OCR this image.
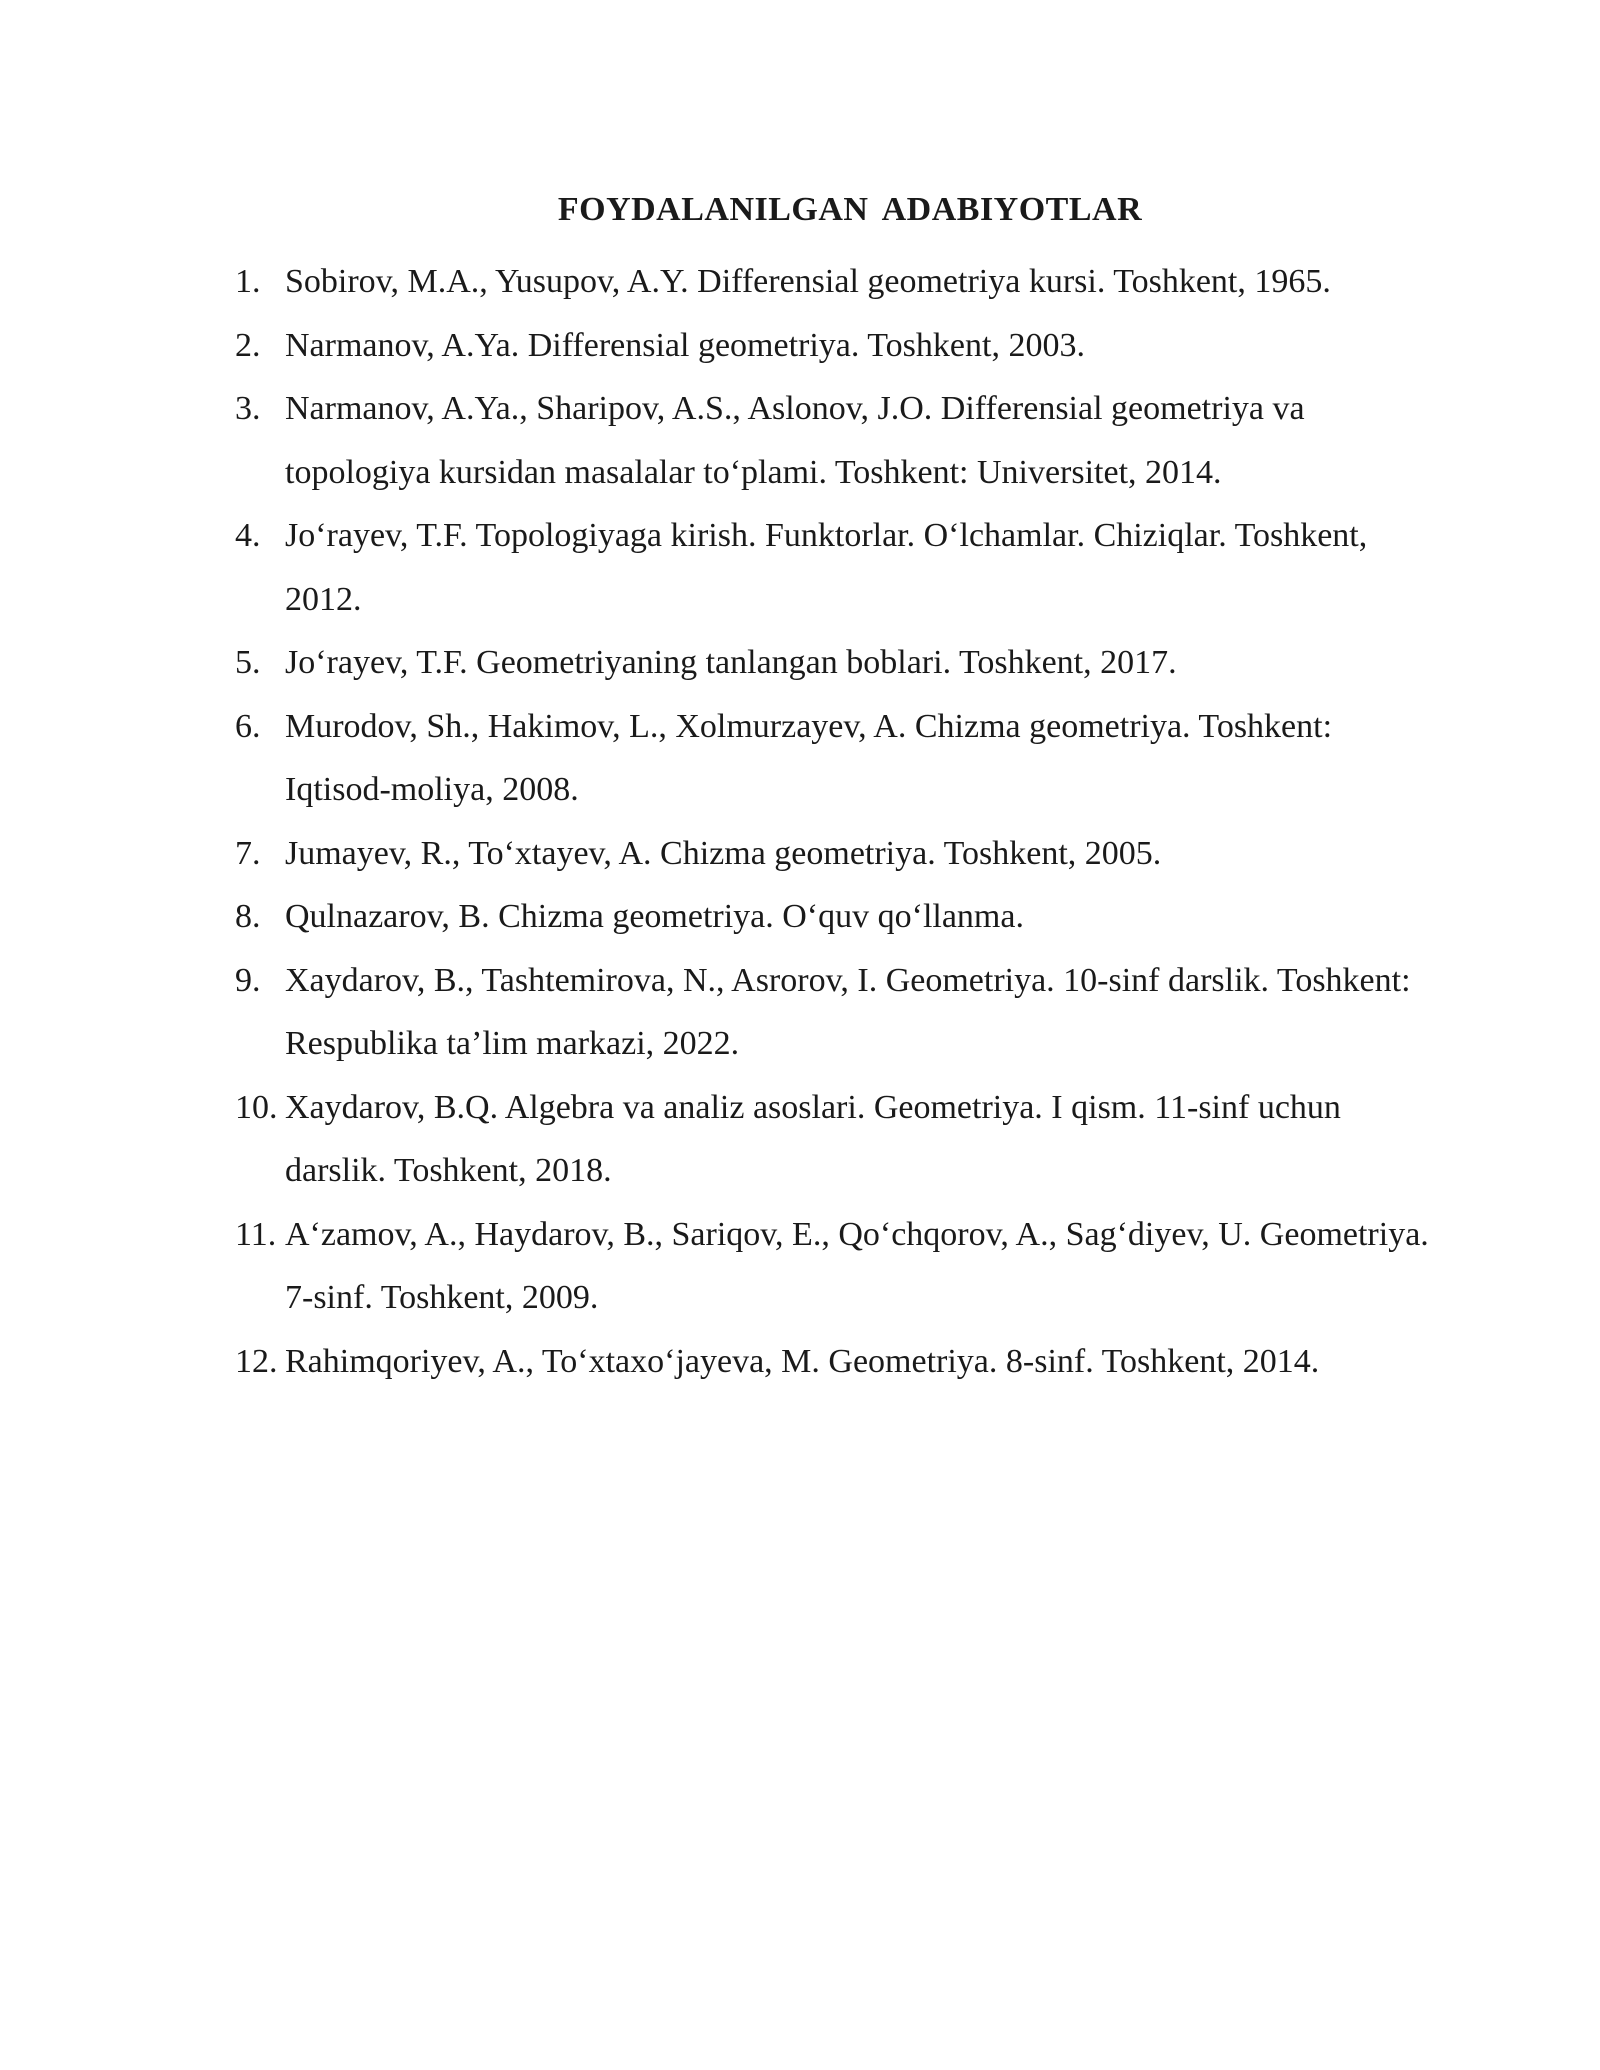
FOYDALANILGAN ADABIYOTLAR
1. Sobirov, M.A., Yusupov, A.Y. Differensial geometriya kursi. Toshkent, 1965.
2. Narmanov, A.Ya. Differensial geometriya. Toshkent, 2003.
3. Narmanov, A.Ya., Sharipov, A.S., Aslonov, J.O. Differensial geometriya va topologiya kursidan masalalar to‘plami. Toshkent: Universitet, 2014.
4. Jo‘rayev, T.F. Topologiyaga kirish. Funktorlar. O‘lchamlar. Chiziqlar. Toshkent, 2012.
5. Jo‘rayev, T.F. Geometriyaning tanlangan boblari. Toshkent, 2017.
6. Murodov, Sh., Hakimov, L., Xolmurzayev, A. Chizma geometriya. Toshkent: Iqtisod-moliya, 2008.
7. Jumayev, R., To‘xtayev, A. Chizma geometriya. Toshkent, 2005.
8. Qulnazarov, B. Chizma geometriya. O‘quv qo‘llanma.
9. Xaydarov, B., Tashtemirova, N., Asrorov, I. Geometriya. 10-sinf darslik. Toshkent: Respublika ta’lim markazi, 2022.
10. Xaydarov, B.Q. Algebra va analiz asoslari. Geometriya. I qism. 11-sinf uchun darslik. Toshkent, 2018.
11. A‘zamov, A., Haydarov, B., Sariqov, E., Qo‘chqorov, A., Sag‘diyev, U. Geometriya. 7-sinf. Toshkent, 2009.
12. Rahimqoriyev, A., To‘xtaxo‘jayeva, M. Geometriya. 8-sinf. Toshkent, 2014.
